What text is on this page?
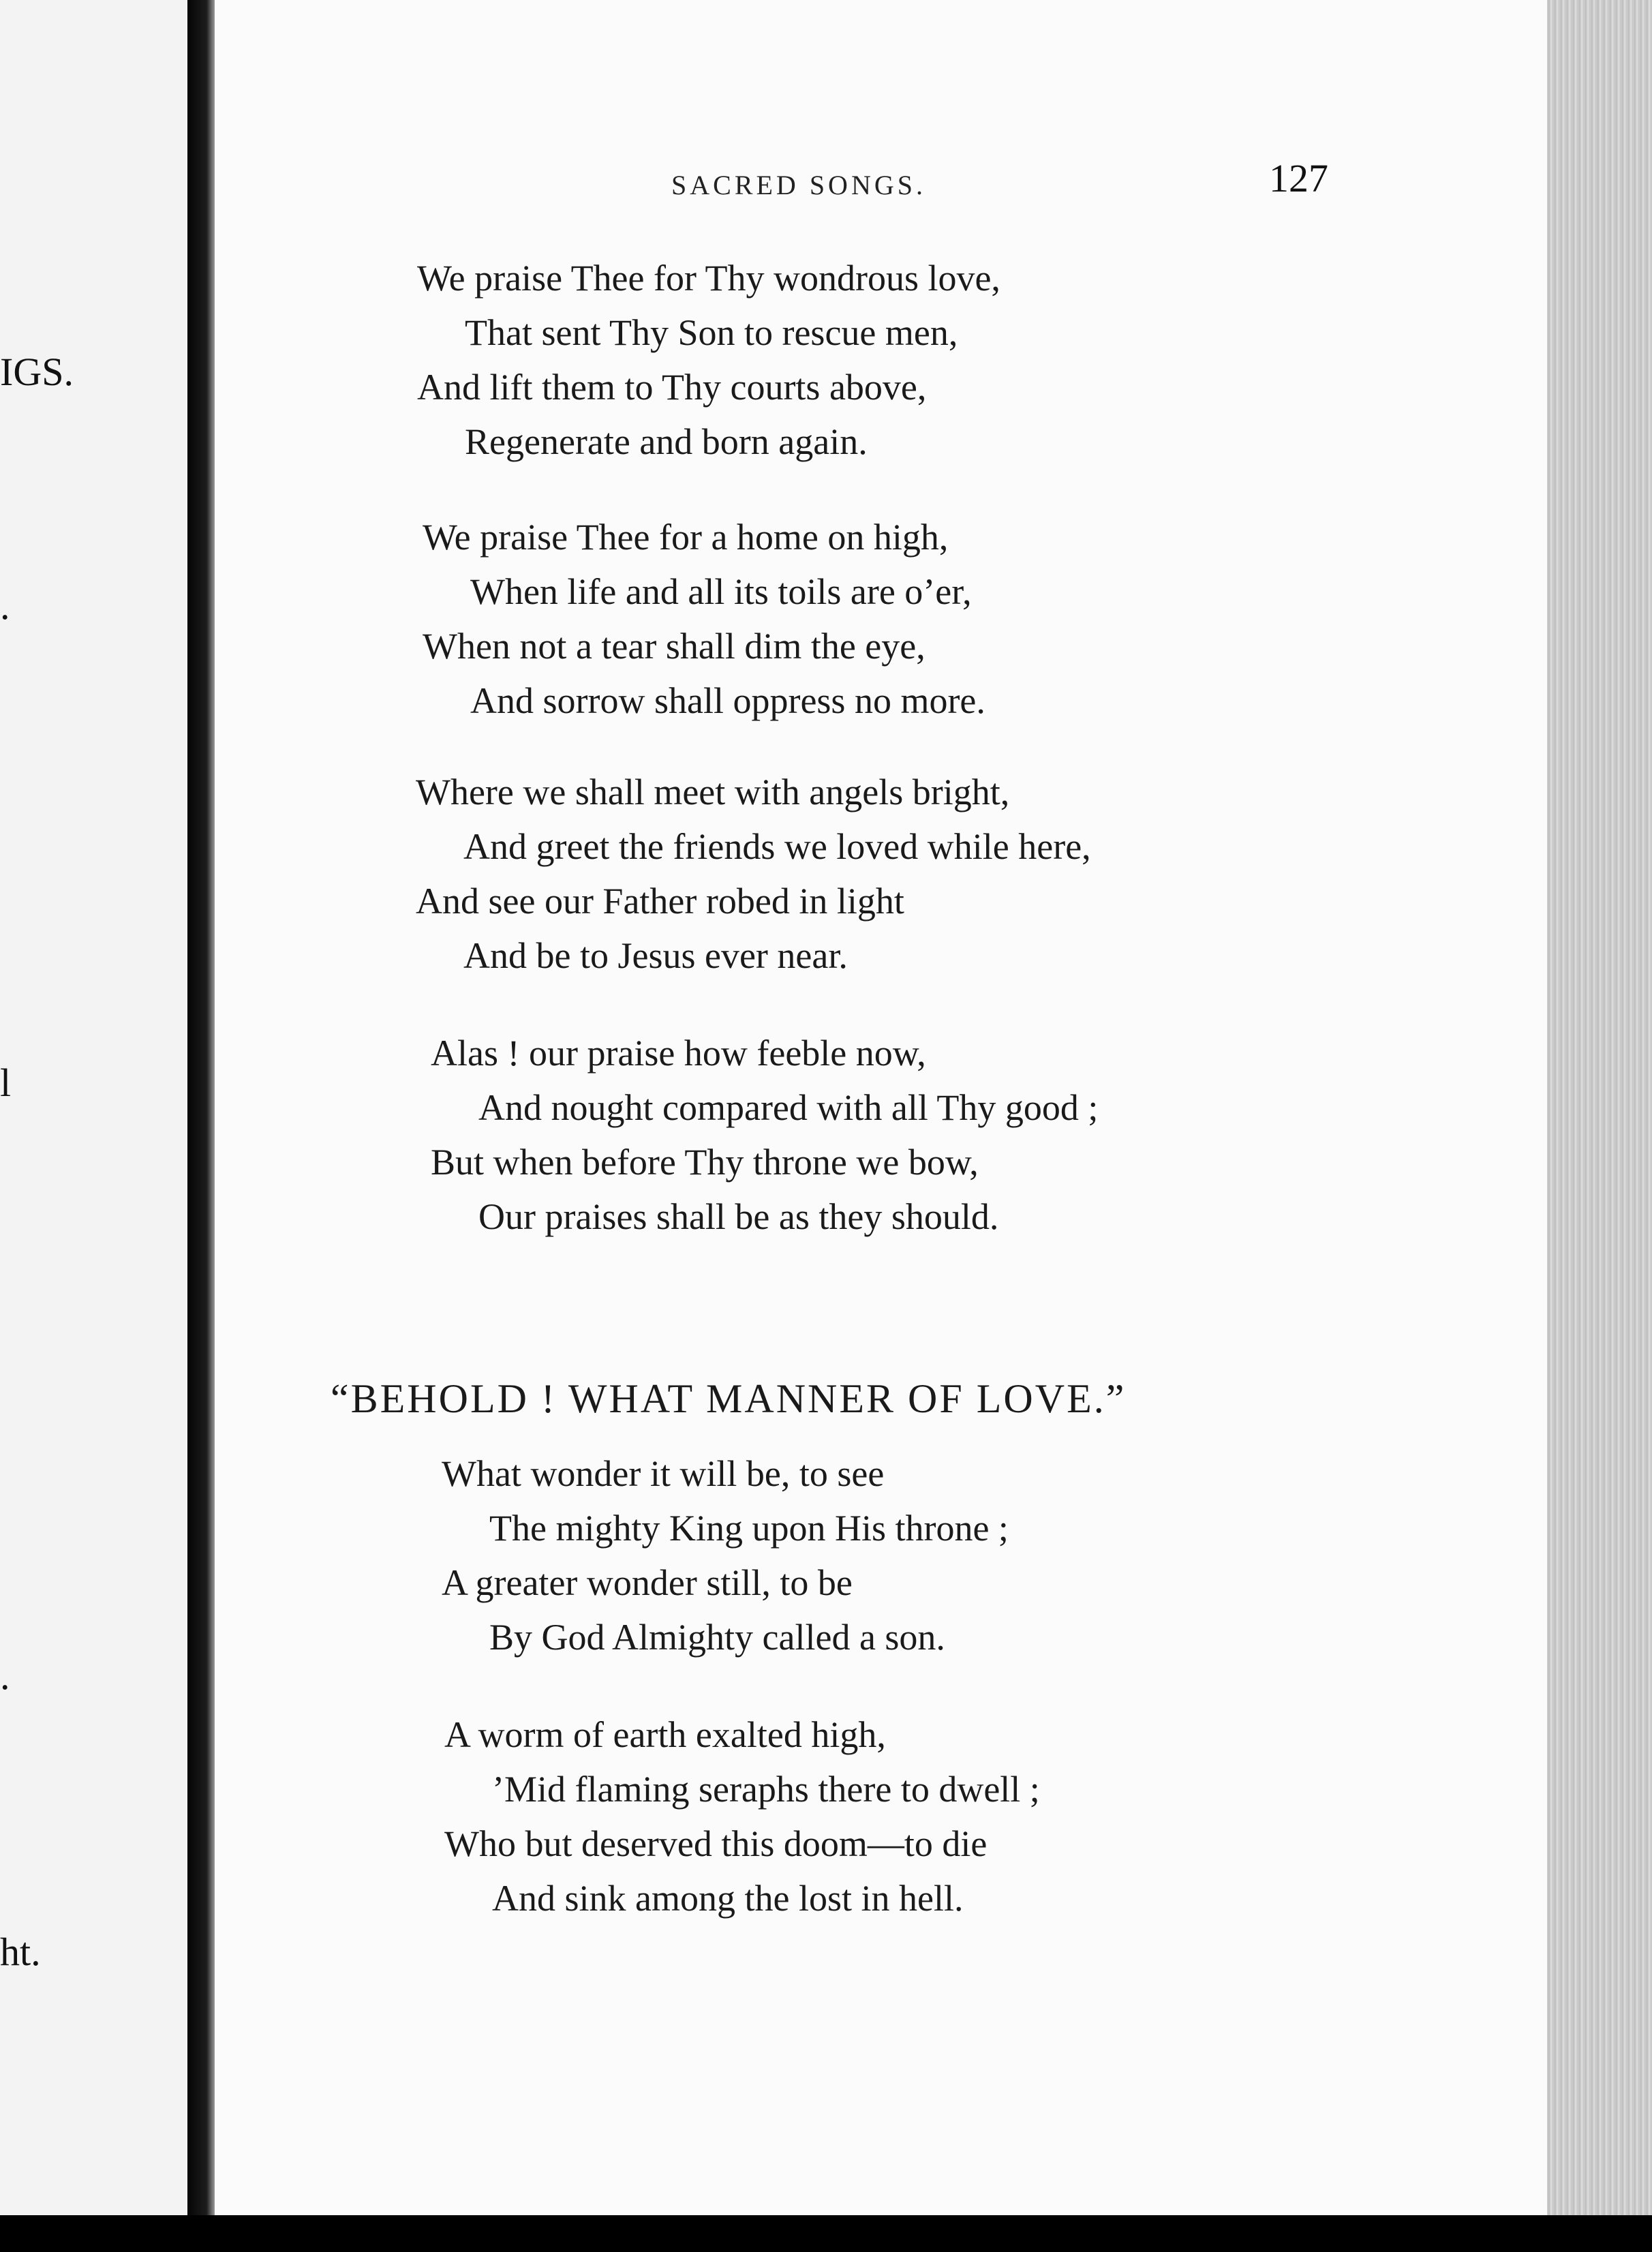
ΙGS.
.
l
.
ht.
SACRED SONGS.	127
We praise Thee for Thy wondrous love,
That sent Thy Son to rescue men,
And lift them to Thy courts above,
Regenerate and born again.
We praise Thee for a home on high,
When life and all its toils are o’er,
When not a tear shall dim the eye,
And sorrow shall oppress no more.
Where we shall meet with angels bright,
And greet the friends we loved while here,
And see our Father robed in light
And be to Jesus ever near.
Alas ! our praise how feeble now,
And nought compared with all Thy good ;
But when before Thy throne we bow,
Our praises shall be as they should.
“BEHOLD ! WHAT MANNER OF LOVE.”
What wonder it will be, to see
The mighty King upon His throne ;
A greater wonder still, to be
By God Almighty called a son.
A worm of earth exalted high,
’Mid flaming seraphs there to dwell ;
Who but deserved this doom—to die
And sink among the lost in hell.
